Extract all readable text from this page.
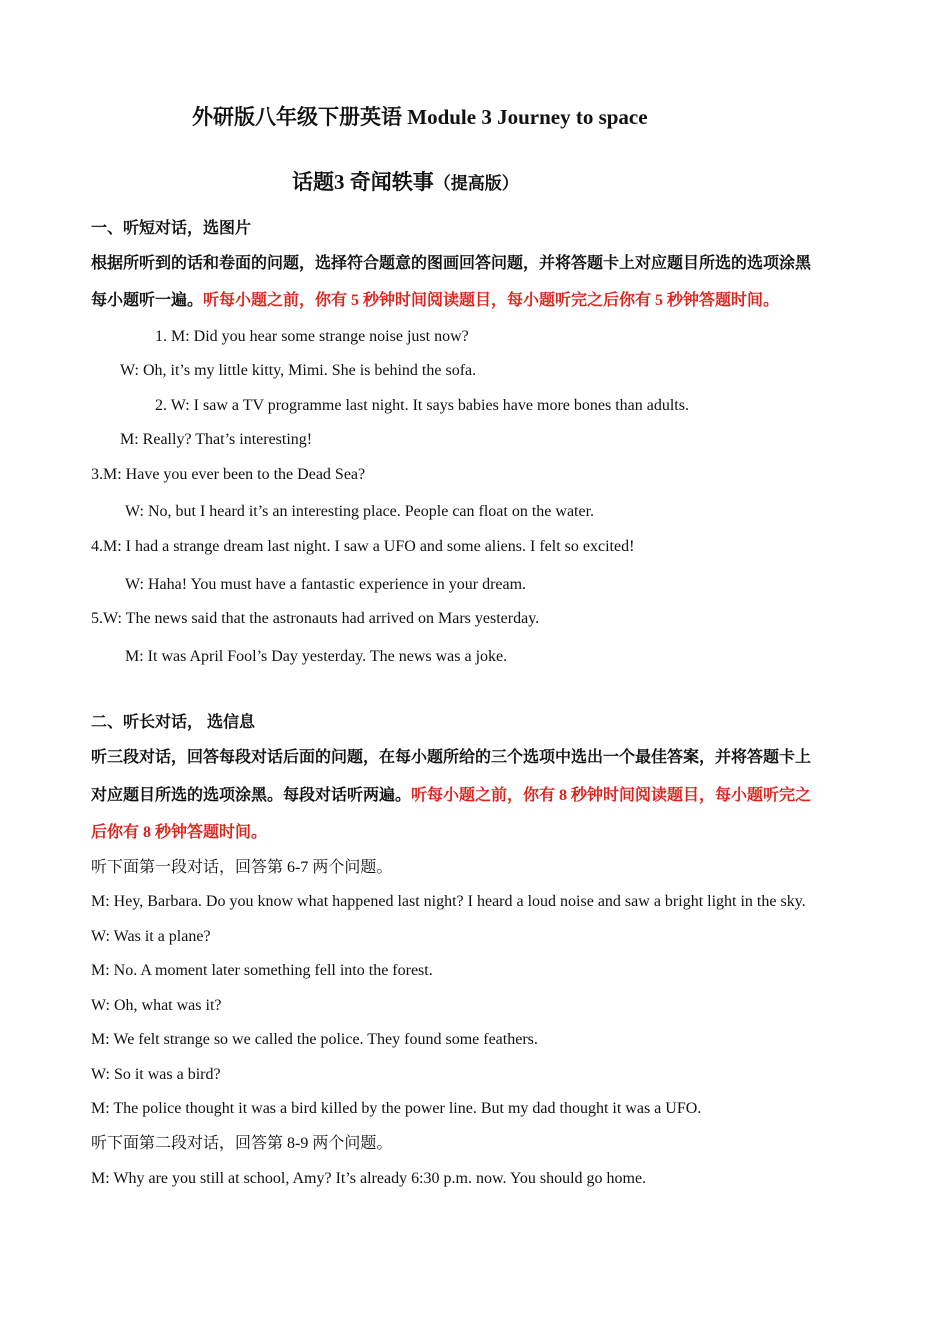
外研版八年级下册英语 Module 3 Journey to space
话题3 奇闻轶事（提高版）
一、听短对话，选图片
根据所听到的话和卷面的问题，选择符合题意的图画回答问题，并将答题卡上对应题目所选的选项涂黑
每小题听一遍。听每小题之前，你有 5 秒钟时间阅读题目，每小题听完之后你有 5 秒钟答题时间。
1. M: Did you hear some strange noise just now?
W: Oh, it’s my little kitty, Mimi. She is behind the sofa.
2. W: I saw a TV programme last night. It says babies have more bones than adults.
M: Really? That’s interesting!
3.M: Have you ever been to the Dead Sea?
W: No, but I heard it’s an interesting place. People can float on the water.
4.M: I had a strange dream last night. I saw a UFO and some aliens. I felt so excited!
W: Haha! You must have a fantastic experience in your dream.
5.W: The news said that the astronauts had arrived on Mars yesterday.
M: It was April Fool’s Day yesterday. The news was a joke.
二、听长对话， 选信息
听三段对话，回答每段对话后面的问题，在每小题所给的三个选项中选出一个最佳答案，并将答题卡上
对应题目所选的选项涂黑。每段对话听两遍。听每小题之前，你有 8 秒钟时间阅读题目，每小题听完之
后你有 8 秒钟答题时间。
听下面第一段对话，回答第 6-7 两个问题。
M: Hey, Barbara. Do you know what happened last night? I heard a loud noise and saw a bright light in the sky.
W: Was it a plane?
M: No. A moment later something fell into the forest.
W: Oh, what was it?
M: We felt strange so we called the police. They found some feathers.
W: So it was a bird?
M: The police thought it was a bird killed by the power line. But my dad thought it was a UFO.
听下面第二段对话，回答第 8-9 两个问题。
M: Why are you still at school, Amy? It’s already 6:30 p.m. now. You should go home.
